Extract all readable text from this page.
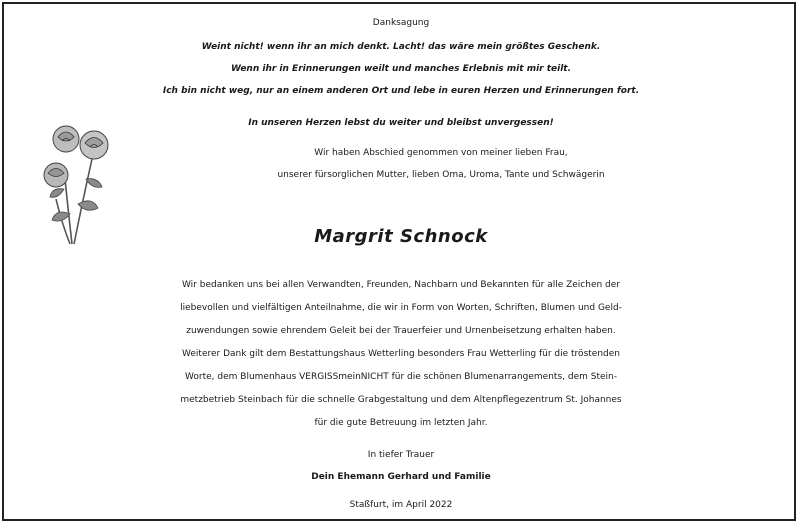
Danksagung
Weint nicht! wenn ihr an mich denkt. Lacht! das wäre mein größtes Geschenk.
Wenn ihr in Erinnerungen weilt und manches Erlebnis mit mir teilt.
Ich bin nicht weg, nur an einem anderen Ort und lebe in euren Herzen und Erinnerungen fort.
In unseren Herzen lebst du weiter und bleibst unvergessen!
Wir haben Abschied genommen von meiner lieben Frau,
unserer fürsorglichen Mutter, lieben Oma, Uroma, Tante und Schwägerin
Margrit Schnock
Wir bedanken uns bei allen Verwandten, Freunden, Nachbarn und Bekannten für alle Zeichen der
liebevollen und vielfältigen Anteilnahme, die wir in Form von Worten, Schriften, Blumen und Geld-
zuwendungen sowie ehrendem Geleit bei der Trauerfeier und Urnenbeisetzung erhalten haben.
Weiterer Dank gilt dem Bestattungshaus Wetterling besonders Frau Wetterling für die tröstenden
Worte, dem Blumenhaus VERGISSmeinNICHT für die schönen Blumenarrangements, dem Stein-
metzbetrieb Steinbach für die schnelle Grabgestaltung und dem Altenpflegezentrum St. Johannes
für die gute Betreuung im letzten Jahr.
In tiefer Trauer
Dein Ehemann Gerhard und Familie
Staßfurt, im April 2022
